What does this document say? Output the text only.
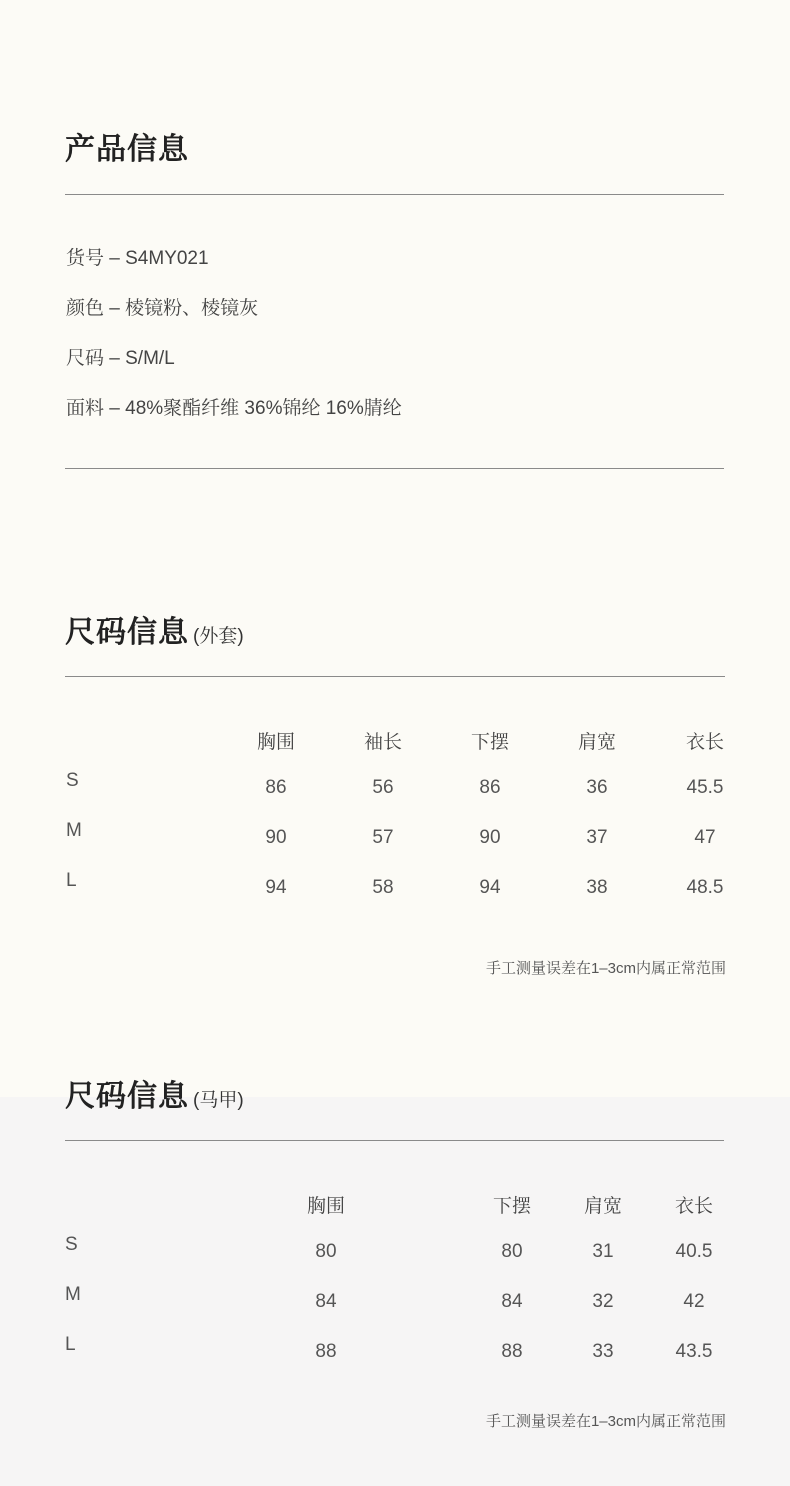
产品信息
货号 – S4MY021
颜色 – 棱镜粉、棱镜灰
尺码 – S/M/L
面料 – 48%聚酯纤维 36%锦纶 16%腈纶
尺码信息 (外套)
胸围	袖长	下摆	肩宽	衣长
S	86	56	86	36	45.5
M	90	57	90	37	47
L	94	58	94	38	48.5
手工测量误差在1–3cm内属正常范围
尺码信息 (马甲)
胸围	下摆	肩宽	衣长
S	80	80	31	40.5
M	84	84	32	42
L	88	88	33	43.5
手工测量误差在1–3cm内属正常范围
